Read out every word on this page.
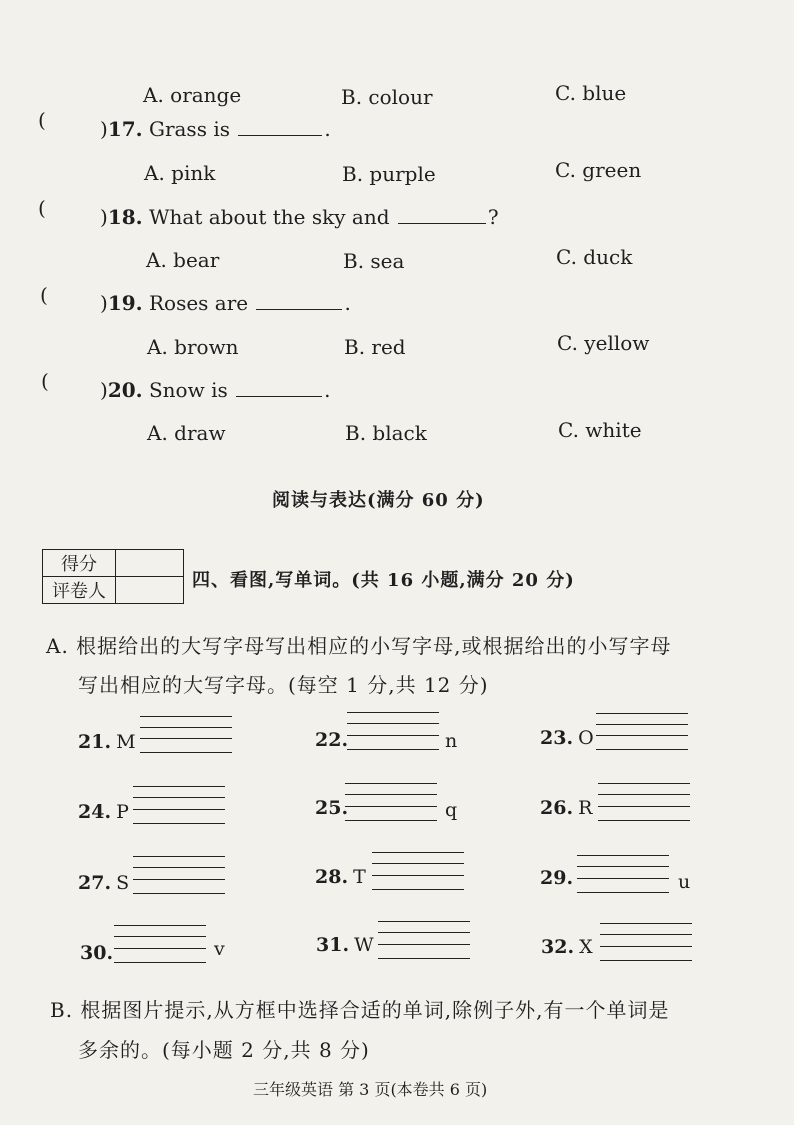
A. orange	B. colour	C. blue
(	)17. Grass is	.
A. pink	B. purple	C. green
(	)18. What about the sky and	?
A. bear	B. sea	C. duck
(	)19. Roses are	.
A. brown	B. red	C. yellow
(	)20. Snow is	.
A. draw	B. black	C. white
阅读与表达(满分 60 分)
得分	
评卷人	
四、看图,写单词。(共 16 小题,满分 20 分)
A. 根据给出的大写字母写出相应的小写字母,或根据给出的小写字母
写出相应的大写字母。(每空 1 分,共 12 分)
21. M	22.	n	23. O
24. P	25.	q	26. R
27. S	28. T	29.	u
30.	v	31. W	32. X
B. 根据图片提示,从方框中选择合适的单词,除例子外,有一个单词是
多余的。(每小题 2 分,共 8 分)
三年级英语 第 3 页(本卷共 6 页)
